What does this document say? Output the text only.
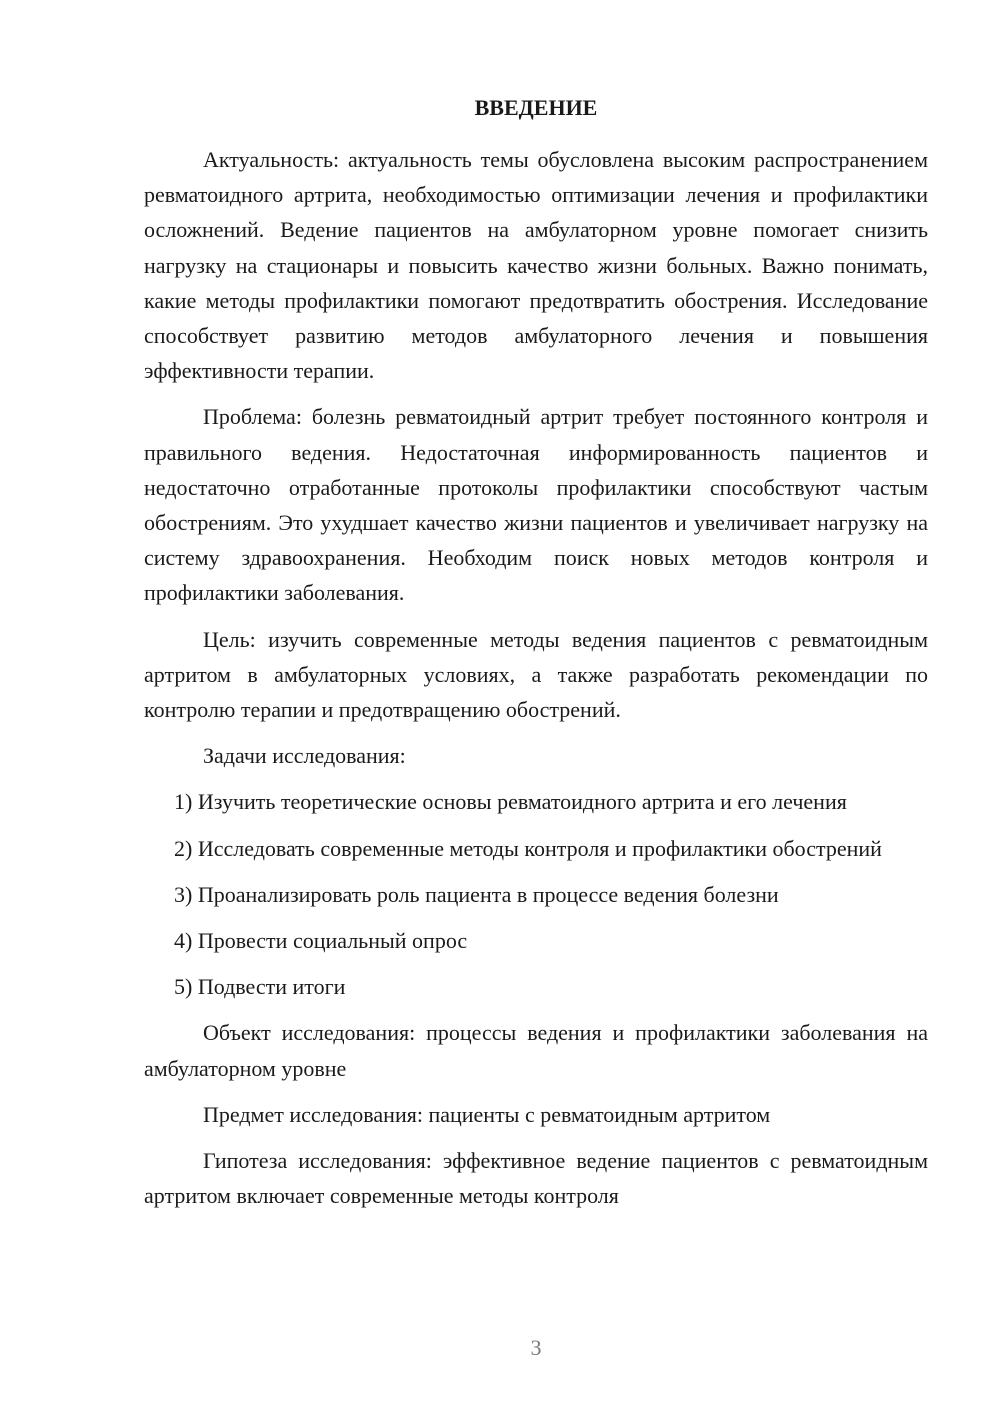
ВВЕДЕНИЕ

Актуальность: актуальность темы обусловлена высоким распространением ревматоидного артрита, необходимостью оптимизации лечения и профилактики осложнений. Ведение пациентов на амбулаторном уровне помогает снизить нагрузку на стационары и повысить качество жизни больных. Важно понимать, какие методы профилактики помогают предотвратить обострения. Исследование способствует развитию методов амбулаторного лечения и повышения эффективности терапии.

Проблема: болезнь ревматоидный артрит требует постоянного контроля и правильного ведения. Недостаточная информированность пациентов и недостаточно отработанные протоколы профилактики способствуют частым обострениям. Это ухудшает качество жизни пациентов и увеличивает нагрузку на систему здравоохранения. Необходим поиск новых методов контроля и профилактики заболевания.

Цель: изучить современные методы ведения пациентов с ревматоидным артритом в амбулаторных условиях, а также разработать рекомендации по контролю терапии и предотвращению обострений.

Задачи исследования:

1) Изучить теоретические основы ревматоидного артрита и его лечения

2) Исследовать современные методы контроля и профилактики обострений

3) Проанализировать роль пациента в процессе ведения болезни

4) Провести социальный опрос

5) Подвести итоги

Объект исследования: процессы ведения и профилактики заболевания на амбулаторном уровне

Предмет исследования: пациенты с ревматоидным артритом

Гипотеза исследования: эффективное ведение пациентов с ревматоидным артритом включает современные методы контроля

3
